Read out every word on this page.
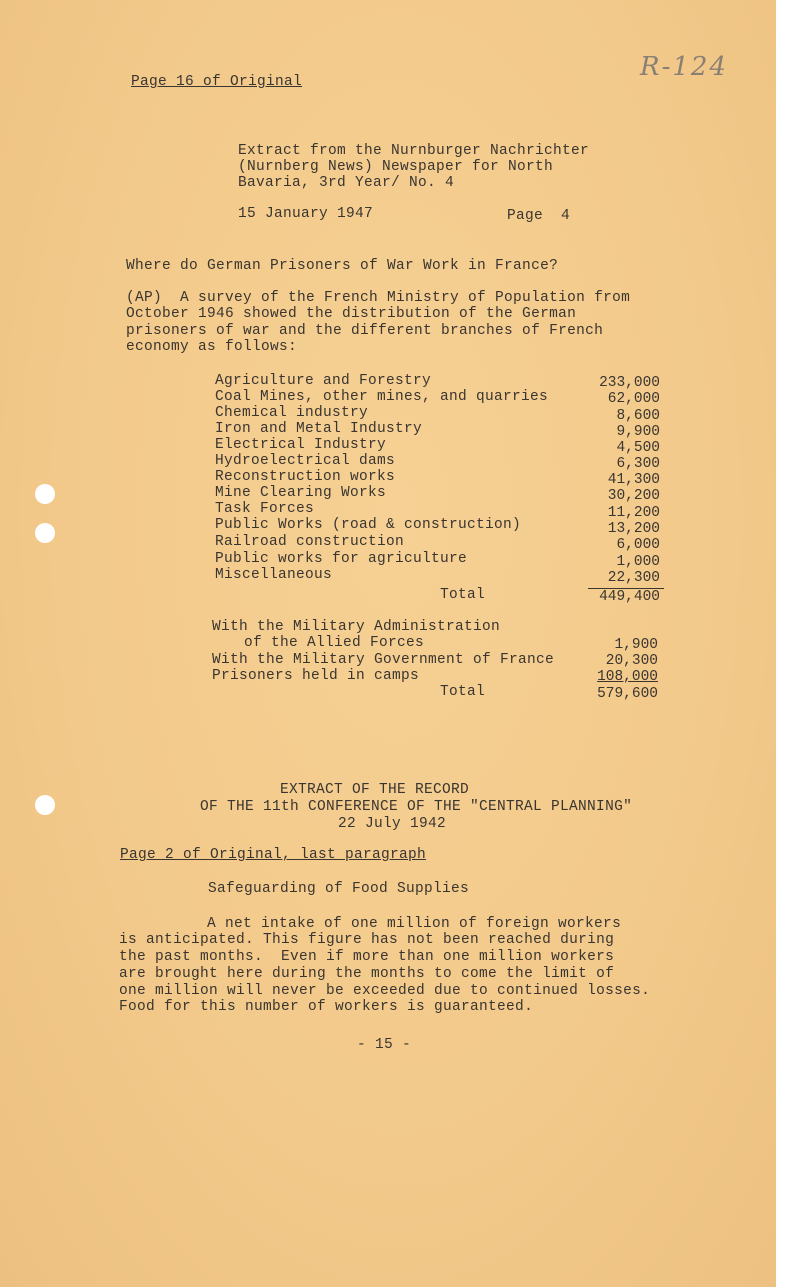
R-124
Page 16 of Original
Extract from the Nurnburger Nachrichter
(Nurnberg News) Newspaper for North
Bavaria, 3rd Year/ No. 4
15 January 1947	Page  4
Where do German Prisoners of War Work in France?
(AP)  A survey of the French Ministry of Population from
October 1946 showed the distribution of the German
prisoners of war and the different branches of French
economy as follows:
Agriculture and Forestry	233,000
Coal Mines, other mines, and quarries	62,000
Chemical industry	8,600
Iron and Metal Industry	9,900
Electrical Industry	4,500
Hydroelectrical dams	6,300
Reconstruction works	41,300
Mine Clearing Works	30,200
Task Forces	11,200
Public Works (road & construction)	13,200
Railroad construction	6,000
Public works for agriculture	1,000
Miscellaneous	22,300
Total	449,400
With the Military Administration
of the Allied Forces	1,900
With the Military Government of France	20,300
Prisoners held in camps	108,000
Total	579,600
EXTRACT OF THE RECORD
OF THE 11th CONFERENCE OF THE "CENTRAL PLANNING"
22 July 1942
Page 2 of Original, last paragraph
Safeguarding of Food Supplies
A net intake of one million of foreign workers
is anticipated. This figure has not been reached during
the past months.  Even if more than one million workers
are brought here during the months to come the limit of
one million will never be exceeded due to continued losses.
Food for this number of workers is guaranteed.
- 15 -
